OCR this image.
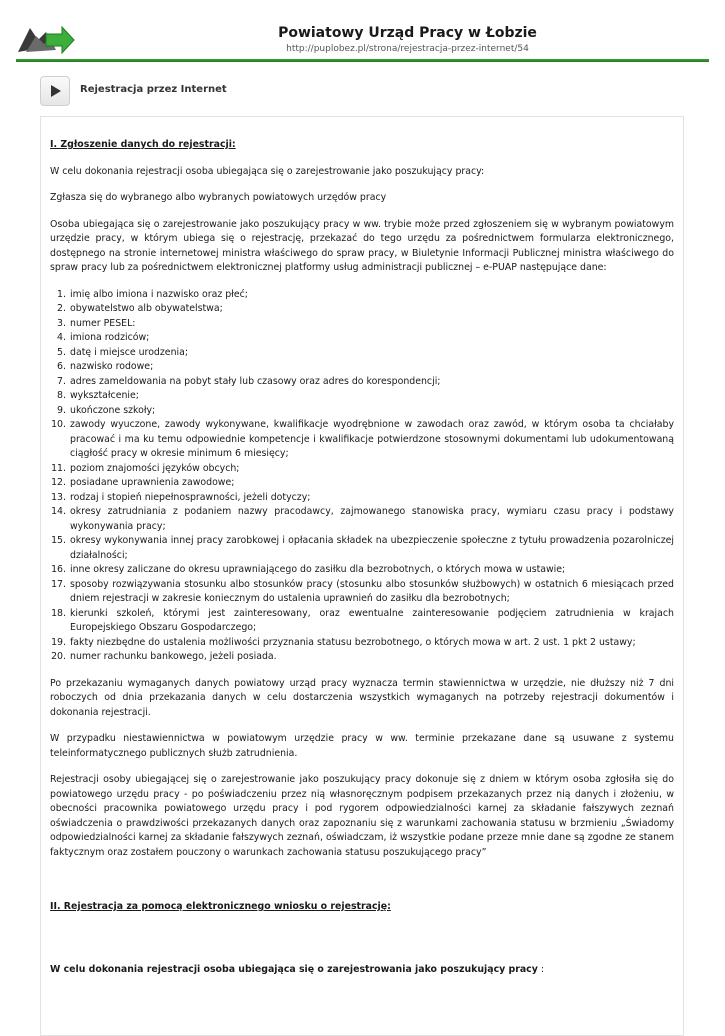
Powiatowy Urząd Pracy w Łobzie
http://puplobez.pl/strona/rejestracja-przez-internet/54
Rejestracja przez Internet
I. Zgłoszenie danych do rejestracji:

W celu dokonania rejestracji osoba ubiegająca się o zarejestrowanie jako poszukujący pracy:

Zgłasza się do wybranego albo wybranych powiatowych urzędów pracy

Osoba ubiegająca się o zarejestrowanie jako poszukujący pracy w ww. trybie może przed zgłoszeniem się w wybranym powiatowym urzędzie pracy, w którym ubiega się o rejestrację, przekazać do tego urzędu za pośrednictwem formularza elektronicznego, dostępnego na stronie internetowej ministra właściwego do spraw pracy, w Biuletynie Informacji Publicznej ministra właściwego do spraw pracy lub za pośrednictwem elektronicznej platformy usług administracji publicznej – e-PUAP następujące dane:

1. imię albo imiona i nazwisko oraz płeć;
2. obywatelstwo alb obywatelstwa;
3. numer PESEL:
4. imiona rodziców;
5. datę i miejsce urodzenia;
6. nazwisko rodowe;
7. adres zameldowania na pobyt stały lub czasowy oraz adres do korespondencji;
8. wykształcenie;
9. ukończone szkoły;
10. zawody wyuczone, zawody wykonywane, kwalifikacje wyodrębnione w zawodach oraz zawód, w którym osoba ta chciałaby pracować i ma ku temu odpowiednie kompetencje i kwalifikacje potwierdzone stosownymi dokumentami lub udokumentowaną ciągłość pracy w okresie minimum 6 miesięcy;
11. poziom znajomości języków obcych;
12. posiadane uprawnienia zawodowe;
13. rodzaj i stopień niepełnosprawności, jeżeli dotyczy;
14. okresy zatrudniania z podaniem nazwy pracodawcy, zajmowanego stanowiska pracy, wymiaru czasu pracy i podstawy wykonywania pracy;
15. okresy wykonywania innej pracy zarobkowej i opłacania składek na ubezpieczenie społeczne z tytułu prowadzenia pozarolniczej działalności;
16. inne okresy zaliczane do okresu uprawniającego do zasiłku dla bezrobotnych, o których mowa w ustawie;
17. sposoby rozwiązywania stosunku albo stosunków pracy (stosunku albo stosunków służbowych) w ostatnich 6 miesiącach przed dniem rejestracji w zakresie koniecznym do ustalenia uprawnień do zasiłku dla bezrobotnych;
18. kierunki szkoleń, którymi jest zainteresowany, oraz ewentualne zainteresowanie podjęciem zatrudnienia w krajach Europejskiego Obszaru Gospodarczego;
19. fakty niezbędne do ustalenia możliwości przyznania statusu bezrobotnego, o których mowa w art. 2 ust. 1 pkt 2 ustawy;
20. numer rachunku bankowego, jeżeli posiada.

Po przekazaniu wymaganych danych powiatowy urząd pracy wyznacza termin stawiennictwa w urzędzie, nie dłuższy niż 7 dni roboczych od dnia przekazania danych w celu dostarczenia wszystkich wymaganych na potrzeby rejestracji dokumentów i dokonania rejestracji.

W przypadku niestawiennictwa w powiatowym urzędzie pracy w ww. terminie przekazane dane są usuwane z systemu teleinformatycznego publicznych służb zatrudnienia.

Rejestracji osoby ubiegającej się o zarejestrowanie jako poszukujący pracy dokonuje się z dniem w którym osoba zgłosiła się do powiatowego urzędu pracy - po poświadczeniu przez nią własnoręcznym podpisem przekazanych przez nią danych i złożeniu, w obecności pracownika powiatowego urzędu pracy i pod rygorem odpowiedzialności karnej za składanie fałszywych zeznań oświadczenia o prawdziwości przekazanych danych oraz zapoznaniu się z warunkami zachowania statusu w brzmieniu „Świadomy odpowiedzialności karnej za składanie fałszywych zeznań, oświadczam, iż wszystkie podane przeze mnie dane są zgodne ze stanem faktycznym oraz zostałem pouczony o warunkach zachowania statusu poszukującego pracy”

II. Rejestracja za pomocą elektronicznego wniosku o rejestrację:

W celu dokonania rejestracji osoba ubiegająca się o zarejestrowania jako poszukujący pracy :
